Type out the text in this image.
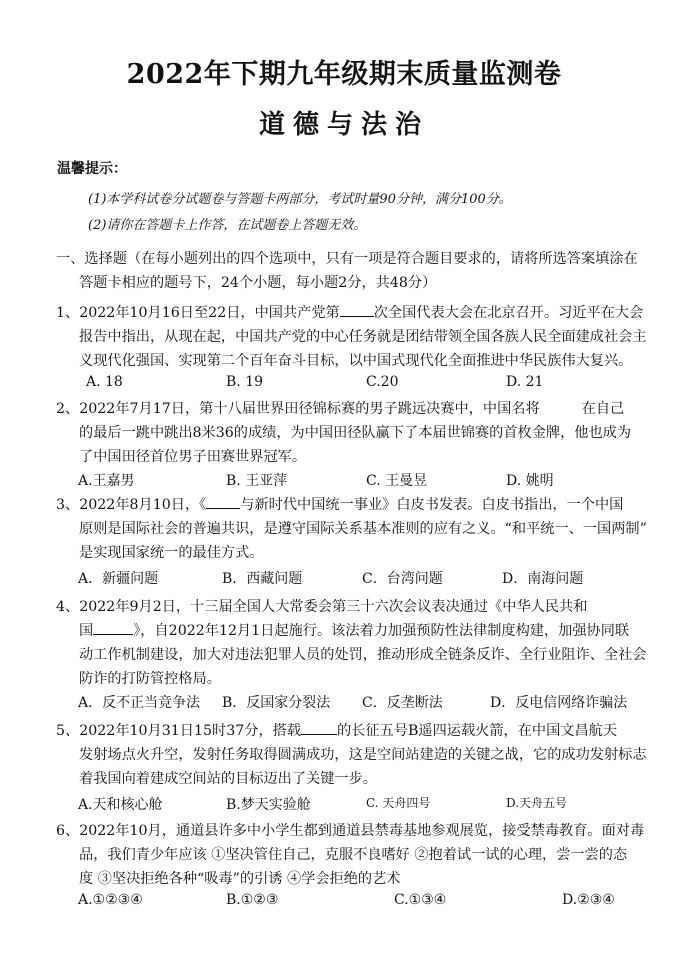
2022年下期九年级期末质量监测卷
道德与法治
温馨提示：
(1)本学科试卷分试题卷与答题卡两部分，考试时量90分钟，满分100分。
(2)请你在答题卡上作答，在试题卷上答题无效。
一、选择题（在每小题列出的四个选项中，只有一项是符合题目要求的，请将所选答案填涂在
答题卡相应的题号下，24个小题，每小题2分，共48分）
1、2022年10月16日至22日，中国共产党第 次全国代表大会在北京召开。习近平在大会
报告中指出，从现在起，中国共产党的中心任务就是团结带领全国各族人民全面建成社会主
义现代化强国、实现第二个百年奋斗目标，以中国式现代化全面推进中华民族伟大复兴。
A. 18	B. 19	C.20	D. 21
2、2022年7月17日，第十八届世界田径锦标赛的男子跳远决赛中，中国名将	在自己
的最后一跳中跳出8米36的成绩，为中国田径队赢下了本届世锦赛的首枚金牌，他也成为
了中国田径首位男子田赛世界冠军。
A.王嘉男	B. 王亚萍	C. 王曼昱	D. 姚明
3、2022年8月10日，《 与新时代中国统一事业》白皮书发表。白皮书指出，一个中国
原则是国际社会的普遍共识，是遵守国际关系基本准则的应有之义。“和平统一、一国两制”
是实现国家统一的最佳方式。
A．新疆问题	B．西藏问题	C．台湾问题	D．南海问题
4、2022年9月2日，十三届全国人大常委会第三十六次会议表决通过《中华人民共和
国	》，自2022年12月1日起施行。该法着力加强预防性法律制度构建，加强协同联
动工作机制建设，加大对违法犯罪人员的处罚，推动形成全链条反诈、全行业阻诈、全社会
防诈的打防管控格局。
A．反不正当竞争法 B．反国家分裂法 C．反垄断法	D．反电信网络诈骗法
5、2022年10月31日15时37分，搭载	的长征五号B遥四运载火箭，在中国文昌航天
发射场点火升空，发射任务取得圆满成功，这是空间站建造的关键之战，它的成功发射标志
着我国向着建成空间站的目标迈出了关键一步。
A.天和核心舱	B.梦天实验舱	C. 天舟四号	D.天舟五号
6、2022年10月，通道县许多中小学生都到通道县禁毒基地参观展览，接受禁毒教育。面对毒
品，我们青少年应该 ①坚决管住自己，克服不良嗜好 ②抱着试一试的心理，尝一尝的态
度 ③坚决拒绝各种“吸毒”的引诱 ④学会拒绝的艺术
A.①②③④	B.①②③	C.①③④	D.②③④
